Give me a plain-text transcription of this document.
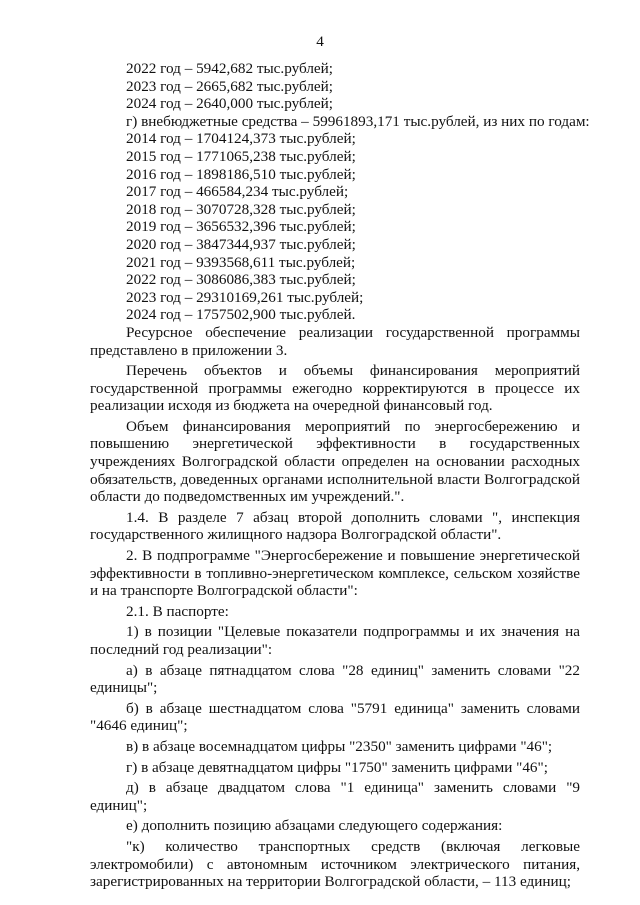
4
2022 год – 5942,682 тыс.рублей;
2023 год – 2665,682 тыс.рублей;
2024 год – 2640,000 тыс.рублей;
г) внебюджетные средства – 59961893,171 тыс.рублей, из них по годам:
2014 год – 1704124,373 тыс.рублей;
2015 год – 1771065,238 тыс.рублей;
2016 год – 1898186,510 тыс.рублей;
2017 год – 466584,234 тыс.рублей;
2018 год – 3070728,328 тыс.рублей;
2019 год – 3656532,396 тыс.рублей;
2020 год – 3847344,937 тыс.рублей;
2021 год – 9393568,611 тыс.рублей;
2022 год – 3086086,383 тыс.рублей;
2023 год – 29310169,261 тыс.рублей;
2024 год – 1757502,900 тыс.рублей.
Ресурсное обеспечение реализации государственной программы представлено в приложении 3.
Перечень объектов и объемы финансирования мероприятий государственной программы ежегодно корректируются в процессе их реализации исходя из бюджета на очередной финансовый год.
Объем финансирования мероприятий по энергосбережению и повышению энергетической эффективности в государственных учреждениях Волгоградской области определен на основании расходных обязательств, доведенных органами исполнительной власти Волгоградской области до подведомственных им учреждений.".
1.4. В разделе 7 абзац второй дополнить словами ", инспекция государственного жилищного надзора Волгоградской области".
2. В подпрограмме "Энергосбережение и повышение энергетической эффективности в топливно-энергетическом комплексе, сельском хозяйстве и на транспорте Волгоградской области":
2.1. В паспорте:
1) в позиции "Целевые показатели подпрограммы и их значения на последний год реализации":
а) в абзаце пятнадцатом слова "28 единиц" заменить словами "22 единицы";
б) в абзаце шестнадцатом слова "5791 единица" заменить словами "4646 единиц";
в) в абзаце восемнадцатом цифры "2350" заменить цифрами "46";
г) в абзаце девятнадцатом цифры "1750" заменить цифрами "46";
д) в абзаце двадцатом слова "1 единица" заменить словами "9 единиц";
е) дополнить позицию абзацами следующего содержания:
"к) количество транспортных средств (включая легковые электромобили) с автономным источником электрического питания, зарегистрированных на территории Волгоградской области, – 113 единиц;
